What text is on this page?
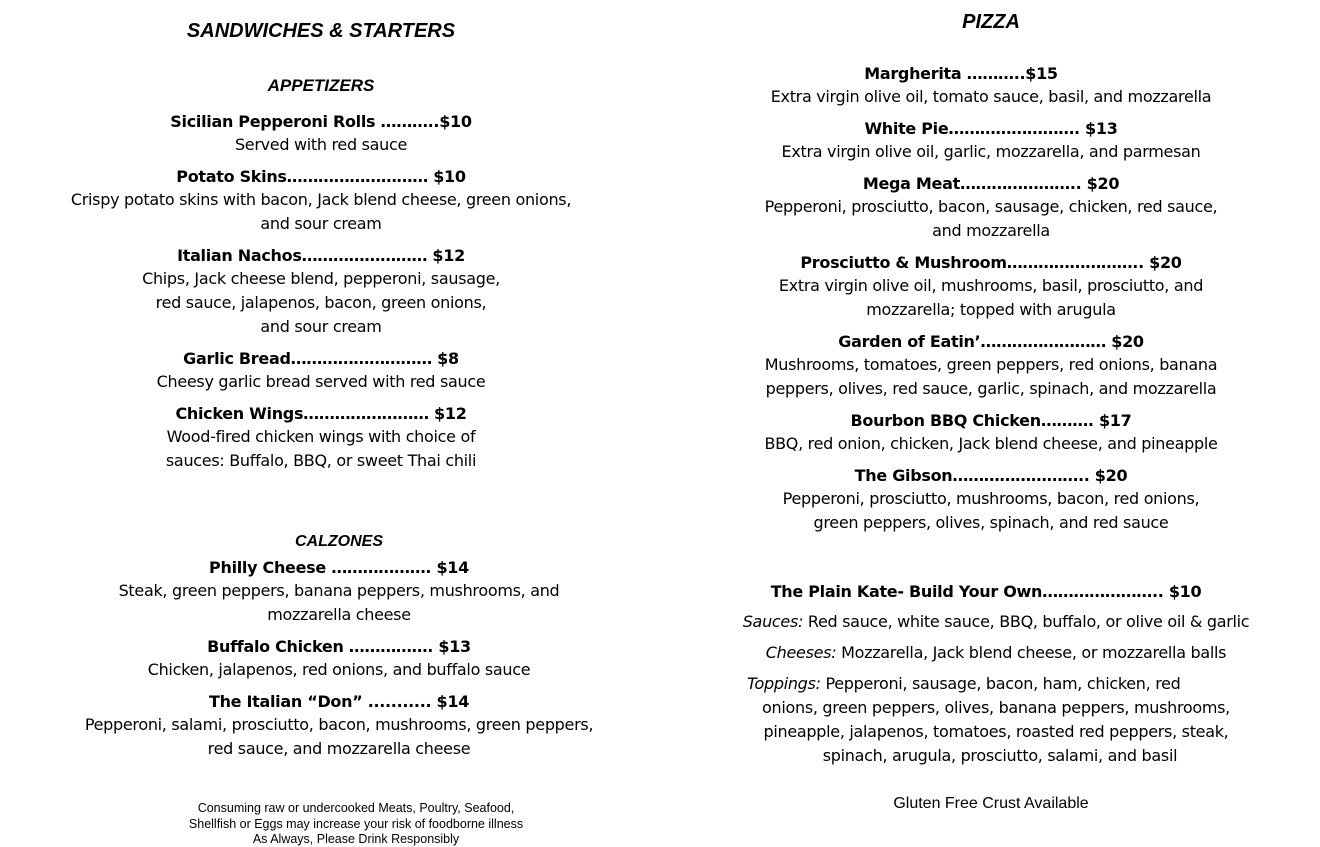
SANDWICHES & STARTERS
APPETIZERS
Sicilian Pepperoni Rolls ………..$10
Served with red sauce
Potato Skins……………………… $10
Crispy potato skins with bacon, Jack blend cheese, green onions,
and sour cream
Italian Nachos…………………… $12
Chips, Jack cheese blend, pepperoni, sausage,
red sauce, jalapenos, bacon, green onions,
and sour cream
Garlic Bread……………………… $8
Cheesy garlic bread served with red sauce
Chicken Wings…………………… $12
Wood-fired chicken wings with choice of
sauces: Buffalo, BBQ, or sweet Thai chili
CALZONES
Philly Cheese ………………. $14
Steak, green peppers, banana peppers, mushrooms, and
mozzarella cheese
Buffalo Chicken ……………. $13
Chicken, jalapenos, red onions, and buffalo sauce
The Italian “Don” ........... $14
Pepperoni, salami, prosciutto, bacon, mushrooms, green peppers,
red sauce, and mozzarella cheese
Consuming raw or undercooked Meats, Poultry, Seafood,
Shellfish or Eggs may increase your risk of foodborne illness
As Always, Please Drink Responsibly
PIZZA
Margherita ………..$15
Extra virgin olive oil, tomato sauce, basil, and mozzarella
White Pie……………………. $13
Extra virgin olive oil, garlic, mozzarella, and parmesan
Mega Meat………………….. $20
Pepperoni, prosciutto, bacon, sausage, chicken, red sauce,
and mozzarella
Prosciutto & Mushroom…………………….. $20
Extra virgin olive oil, mushrooms, basil, prosciutto, and
mozzarella; topped with arugula
Garden of Eatin’…………………… $20
Mushrooms, tomatoes, green peppers, red onions, banana
peppers, olives, red sauce, garlic, spinach, and mozzarella
Bourbon BBQ Chicken………. $17
BBQ, red onion, chicken, Jack blend cheese, and pineapple
The Gibson…………………….. $20
Pepperoni, prosciutto, mushrooms, bacon, red onions,
green peppers, olives, spinach, and red sauce
The Plain Kate- Build Your Own………………….. $10
Sauces: Red sauce, white sauce, BBQ, buffalo, or olive oil & garlic
Cheeses: Mozzarella, Jack blend cheese, or mozzarella balls
Toppings: Pepperoni, sausage, bacon, ham, chicken, red
onions, green peppers, olives, banana peppers, mushrooms,
pineapple, jalapenos, tomatoes, roasted red peppers, steak,
spinach, arugula, prosciutto, salami, and basil
Gluten Free Crust Available
